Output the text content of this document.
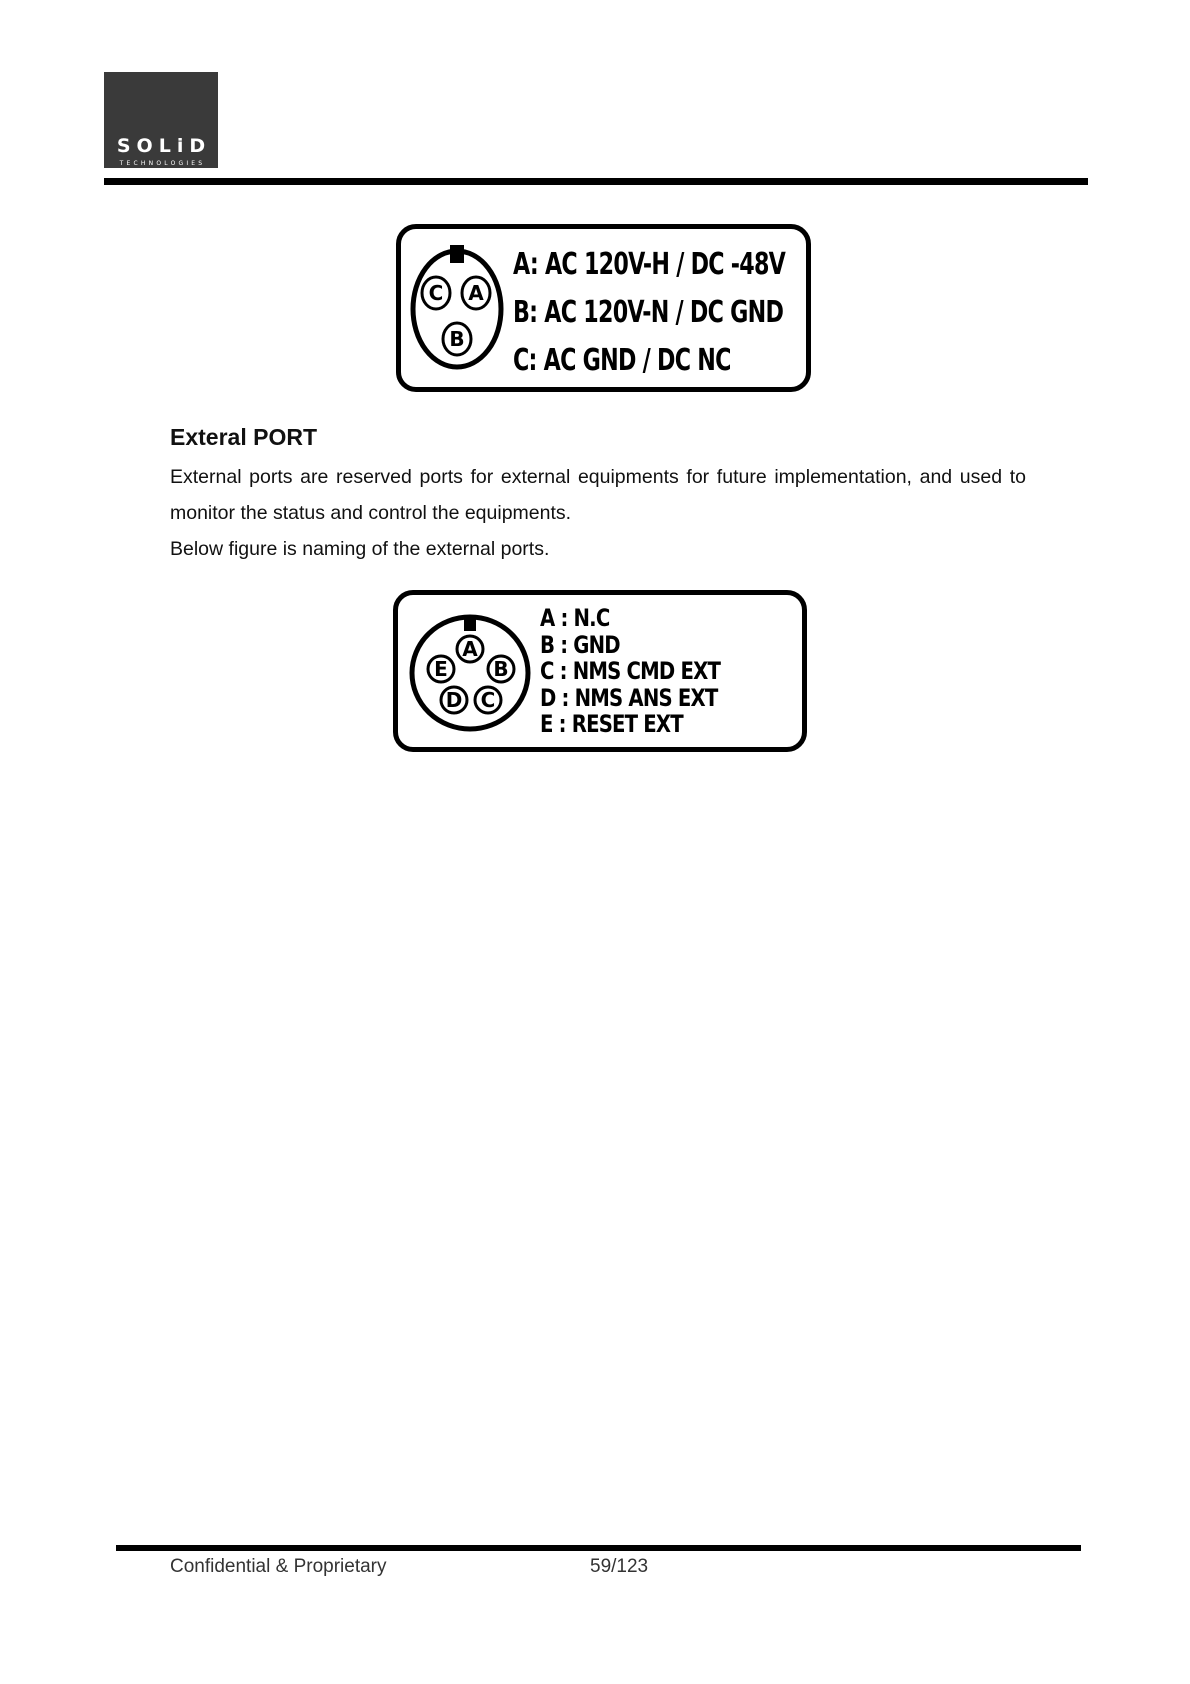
SOLiD
TECHNOLOGIES
C A
B
A: AC 120V-H / DC -48V
B: AC 120V-N / DC GND
C: AC GND / DC NC
Exteral PORT

External ports are reserved ports for external equipments for future implementation, and used to monitor the status and control the equipments.

Below figure is naming of the external ports.

A
E B
D C
A : N.C
B : GND
C : NMS CMD EXT
D : NMS ANS EXT
E : RESET EXT
Confidential & Proprietary	59/123
